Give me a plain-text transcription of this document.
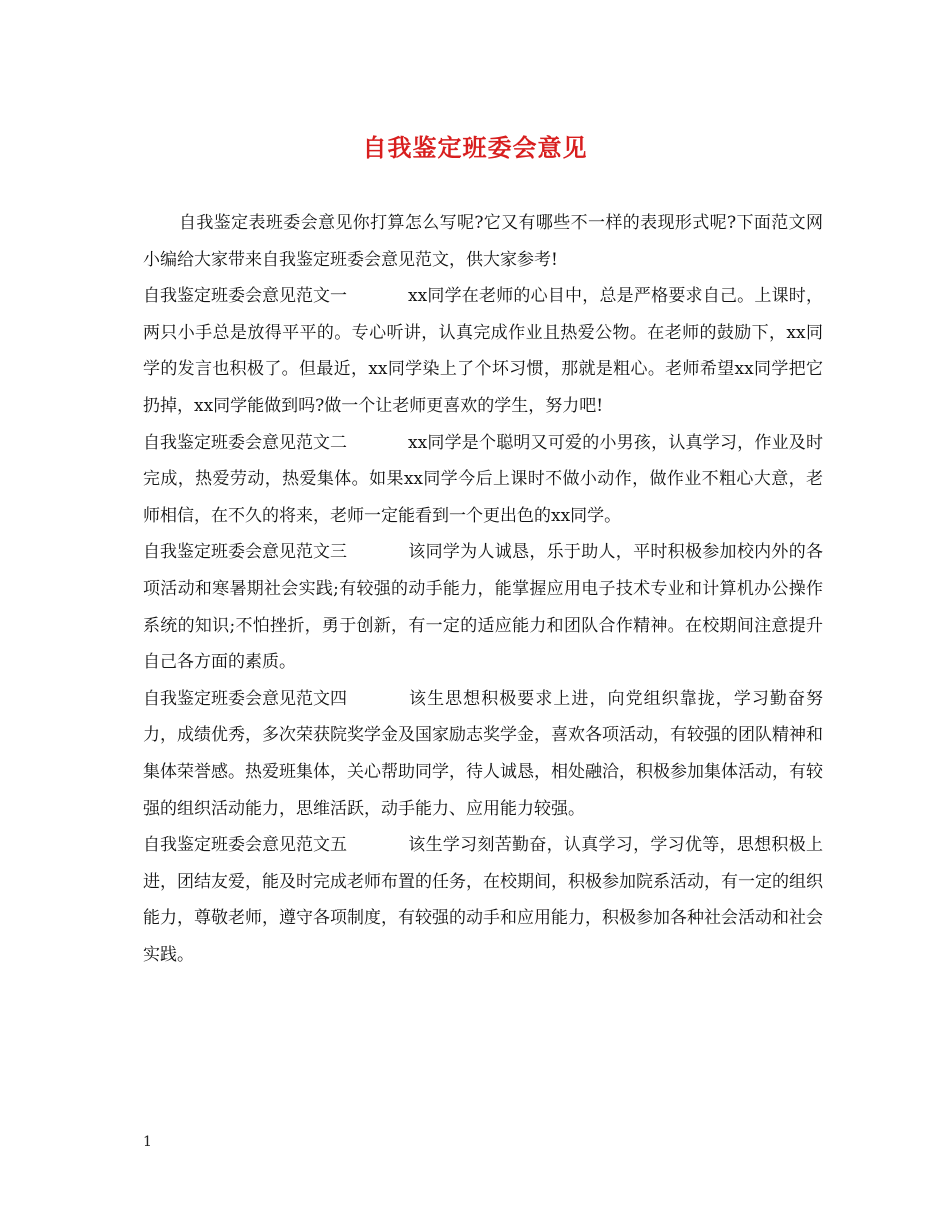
自我鉴定班委会意见

自我鉴定表班委会意见你打算怎么写呢?它又有哪些不一样的表现形式呢?下面范文网小编给大家带来自我鉴定班委会意见范文，供大家参考!

自我鉴定班委会意见范文一	xx同学在老师的心目中，总是严格要求自己。上课时，两只小手总是放得平平的。专心听讲，认真完成作业且热爱公物。在老师的鼓励下，xx同学的发言也积极了。但最近，xx同学染上了个坏习惯，那就是粗心。老师希望xx同学把它扔掉，xx同学能做到吗?做一个让老师更喜欢的学生，努力吧!

自我鉴定班委会意见范文二	xx同学是个聪明又可爱的小男孩，认真学习，作业及时完成，热爱劳动，热爱集体。如果xx同学今后上课时不做小动作，做作业不粗心大意，老师相信，在不久的将来，老师一定能看到一个更出色的xx同学。

自我鉴定班委会意见范文三	该同学为人诚恳，乐于助人，平时积极参加校内外的各项活动和寒暑期社会实践;有较强的动手能力，能掌握应用电子技术专业和计算机办公操作系统的知识;不怕挫折，勇于创新，有一定的适应能力和团队合作精神。在校期间注意提升自己各方面的素质。

自我鉴定班委会意见范文四	该生思想积极要求上进，向党组织靠拢，学习勤奋努力，成绩优秀，多次荣获院奖学金及国家励志奖学金，喜欢各项活动，有较强的团队精神和集体荣誉感。热爱班集体，关心帮助同学，待人诚恳，相处融洽，积极参加集体活动，有较强的组织活动能力，思维活跃，动手能力、应用能力较强。

自我鉴定班委会意见范文五	该生学习刻苦勤奋，认真学习，学习优等，思想积极上进，团结友爱，能及时完成老师布置的任务，在校期间，积极参加院系活动，有一定的组织能力，尊敬老师，遵守各项制度，有较强的动手和应用能力，积极参加各种社会活动和社会实践。

1
